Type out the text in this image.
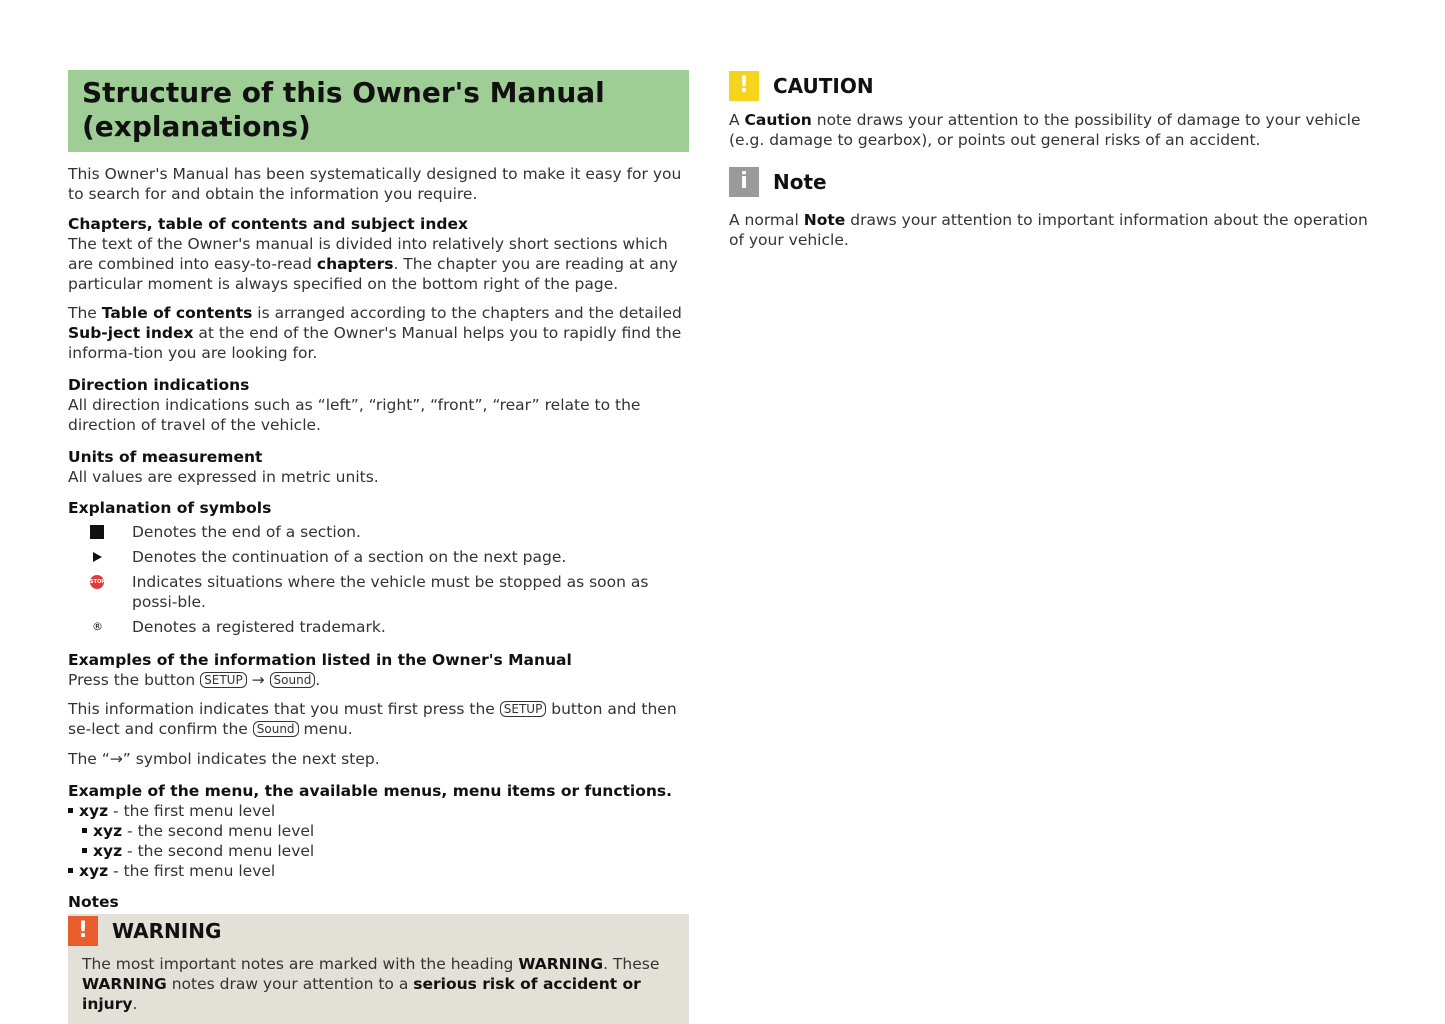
Structure of this Owner's Manual (explanations)

This Owner's Manual has been systematically designed to make it easy for you to search for and obtain the information you require.

Chapters, table of contents and subject index

The text of the Owner's manual is divided into relatively short sections which are combined into easy-to-read chapters. The chapter you are reading at any particular moment is always specified on the bottom right of the page.

The Table of contents is arranged according to the chapters and the detailed Sub-ject index at the end of the Owner's Manual helps you to rapidly find the informa-tion you are looking for.

Direction indications

All direction indications such as “left”, “right”, “front”, “rear” relate to the direction of travel of the vehicle.

Units of measurement

All values are expressed in metric units.

Explanation of symbols
Denotes the end of a section.
Denotes the continuation of a section on the next page.
STOP Indicates situations where the vehicle must be stopped as soon as possi-ble.
® Denotes a registered trademark.
Examples of the information listed in the Owner's Manual

Press the button SETUP → Sound .

This information indicates that you must first press the SETUP button and then se-lect and confirm the Sound menu.

The “→” symbol indicates the next step.

Example of the menu, the available menus, menu items or functions.
xyz - the first menu level
xyz - the second menu level
xyz - the second menu level
xyz - the first menu level
Notes
!	WARNING

The most important notes are marked with the heading WARNING. These WARNING notes draw your attention to a serious risk of accident or injury.

!	CAUTION

A Caution note draws your attention to the possibility of damage to your vehicle (e.g. damage to gearbox), or points out general risks of an accident.

i	Note

A normal Note draws your attention to important information about the operation of your vehicle.
